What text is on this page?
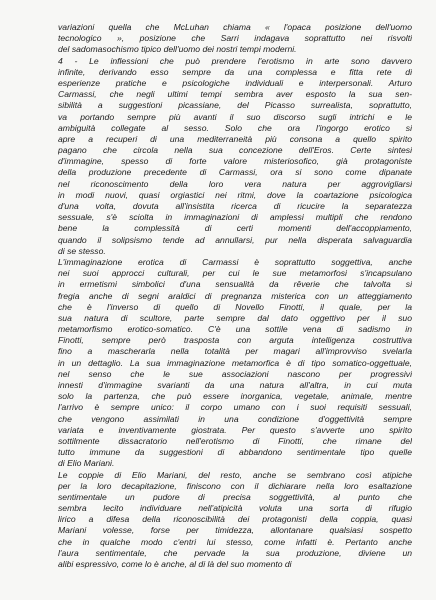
variazioni quella che McLuhan chiama « l'opaca posizione dell'uomo
tecnologico », posizione che Sarri indagava soprattutto nei risvolti
del sadomasochismo tipico dell'uomo dei nostri tempi moderni.
4 - Le inflessioni che può prendere l'erotismo in arte sono davvero
infinite, derivando esso sempre da una complessa e fitta rete di
esperienze pratiche e psicologiche individuali e interpersonali. Arturo
Carmassi, che negli ultimi tempi sembra aver esposto la sua sen-
sibilità a suggestioni picassiane, del Picasso surrealista, soprattutto,
va portando sempre più avanti il suo discorso sugli intrichi e le
ambiguità collegate al sesso. Solo che ora l'ingorgo erotico si
apre a recuperi di una mediterraneità più consona a quello spirito
pagano che circola nella sua concezione dell'Eros. Certe sintesi
d'immagine, spesso di forte valore misteriosofico, già protagoniste
della produzione precedente di Carmassi, ora si sono come dipanate
nel riconoscimento della loro vera natura per aggrovigliarsi
in modi nuovi, quasi orgiastici nei ritmi, dove la coartazione psicologica
d'una volta, dovuta all'insistita ricerca di ricucire la separatezza
sessuale, s'è sciolta in immaginazioni di amplessi multipli che rendono
bene la complessità di certi momenti dell'accoppiamento,
quando il solipsismo tende ad annullarsi, pur nella disperata salvaguardia
di se stesso.
L'immaginazione erotica di Carmassi è soprattutto soggettiva, anche
nei suoi approcci culturali, per cui le sue metamorfosi s'incapsulano
in ermetismi simbolici d'una sensualità da rêverie che talvolta si
fregia anche di segni araldici di pregnanza misterica con un atteggiamento
che è l'inverso di quello di Novello Finotti, il quale, per la
sua natura di scultore, parte sempre dal dato oggettivo per il suo
metamorfismo erotico-somatico. C'è una sottile vena di sadismo in
Finotti, sempre però trasposta con arguta intelligenza costruttiva
fino a mascherarla nella totalità per magari all'improvviso svelarla
in un dettaglio. La sua immaginazione metamorfica è di tipo somatico-oggettuale,
nel senso che le sue associazioni nascono per progressivi
innesti d'immagine svarianti da una natura all'altra, in cui muta
solo la partenza, che può essere inorganica, vegetale, animale, mentre
l'arrivo è sempre unico: il corpo umano con i suoi requisiti sessuali,
che vengono assimilati in una condizione d'oggettività sempre
variata e inventivamente giostrata. Per questo s'avverte uno spirito
sottilmente dissacratorio nell'erotismo di Finotti, che rimane del
tutto immune da suggestioni di abbandono sentimentale tipo quelle
di Elio Mariani.
Le coppie di Elio Mariani, del resto, anche se sembrano così atipiche
per la loro decapitazione, finiscono con il dichiarare nella loro esaltazione
sentimentale un pudore di precisa soggettività, al punto che
sembra lecito individuare nell'atipicità voluta una sorta di rifugio
lirico a difesa della riconoscibilità dei protagonisti della coppia, quasi
Mariani volesse, forse per timidezza, allontanare qualsiasi sospetto
che in qualche modo c'entri lui stesso, come infatti è. Pertanto anche
l'aura sentimentale, che pervade la sua produzione, diviene un
alibi espressivo, come lo è anche, al di là del suo momento di
